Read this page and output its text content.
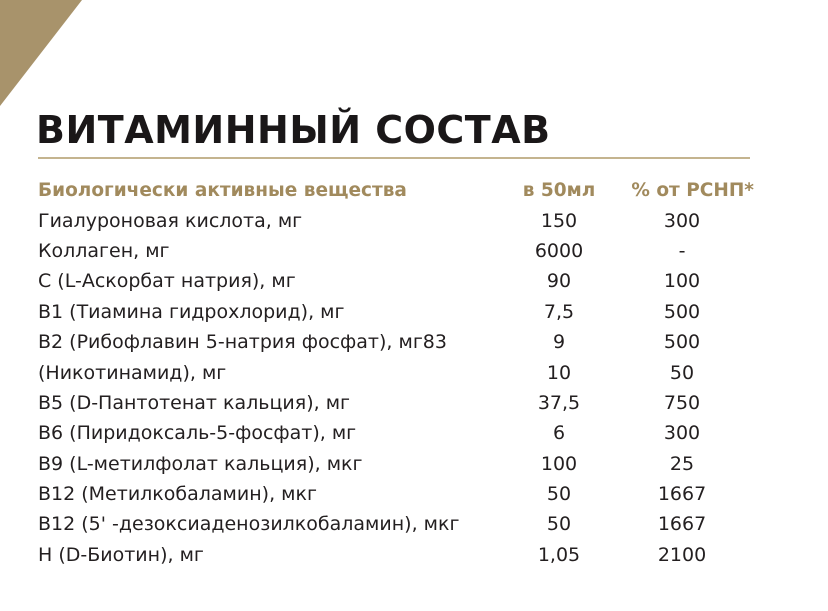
ВИТАМИННЫЙ СОСТАВ
Биологически активные вещества	в 50мл	% от РСНП*
Гиалуроновая кислота, мг	150	300
Коллаген, мг	6000	-
С (L-Аскорбат натрия), мг	90	100
В1 (Тиамина гидрохлорид), мг	7,5	500
В2 (Рибофлавин 5-натрия фосфат), мг83	9	500
(Никотинамид), мг	10	50
В5 (D-Пантотенат кальция), мг	37,5	750
В6 (Пиридоксаль-5-фосфат), мг	6	300
В9 (L-метилфолат кальция), мкг	100	25
В12 (Метилкобаламин), мкг	50	1667
В12 (5' -дезоксиаденозилкобаламин), мкг	50	1667
Н (D-Биотин), мг	1,05	2100
